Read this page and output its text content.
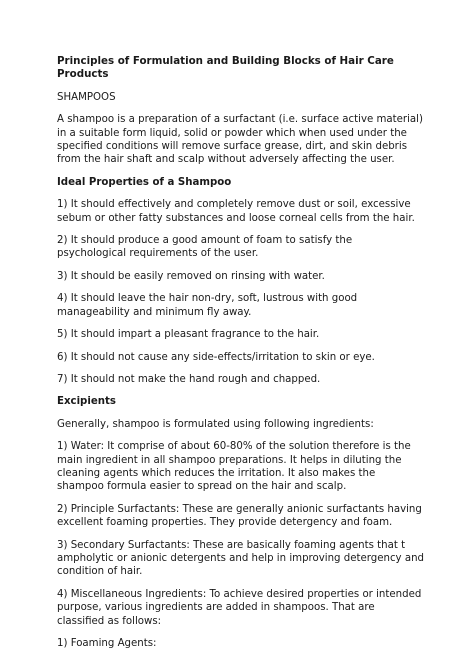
Principles of Formulation and Building Blocks of Hair Care Products
SHAMPOOS
A shampoo is a preparation of a surfactant (i.e. surface active material) in a suitable form liquid, solid or powder which when used under the specified conditions will remove surface grease, dirt, and skin debris from the hair shaft and scalp without adversely affecting the user.
Ideal Properties of a Shampoo
1) It should effectively and completely remove dust or soil, excessive sebum or other fatty substances and loose corneal cells from the hair.
2) It should produce a good amount of foam to satisfy the psychological requirements of the user.
3) It should be easily removed on rinsing with water.
4) It should leave the hair non-dry, soft, lustrous with good manageability and minimum fly away.
5) It should impart a pleasant fragrance to the hair.
6) It should not cause any side-effects/irritation to skin or eye.
7) It should not make the hand rough and chapped.
Excipients
Generally, shampoo is formulated using following ingredients:
1) Water: It comprise of about 60-80% of the solution therefore is the main ingredient in all shampoo preparations. It helps in diluting the cleaning agents which reduces the irritation. It also makes the shampoo formula easier to spread on the hair and scalp.
2) Principle Surfactants: These are generally anionic surfactants having excellent foaming properties. They provide detergency and foam.
3) Secondary Surfactants: These are basically foaming agents that t ampholytic or anionic detergents and help in improving detergency and condition of hair.
4) Miscellaneous Ingredients: To achieve desired properties or intended purpose, various ingredients are added in shampoos. That are classified as follows:
1) Foaming Agents:
